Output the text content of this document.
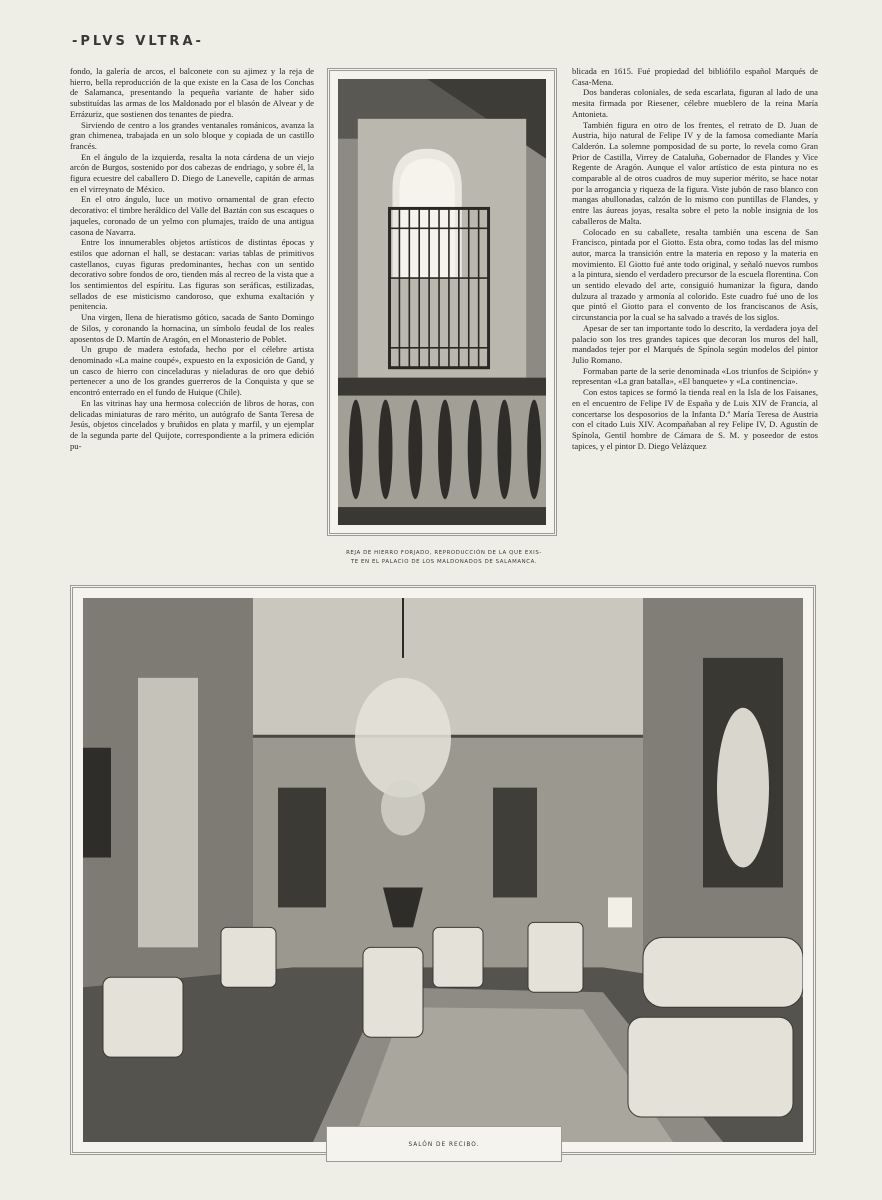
-PLVS VLTRA-

fondo, la galería de arcos, el balconete con su ajimez y la reja de hierro, bella reproducción de la que existe en la Casa de los Conchas de Salamanca, presentando la pequeña variante de haber sido substituídas las armas de los Maldonado por el blasón de Alvear y de Errázuriz, que sostienen dos tenantes de piedra.

Sirviendo de centro a los grandes ventanales románicos, avanza la gran chimenea, trabajada en un solo bloque y copiada de un castillo francés.

En el ángulo de la izquierda, resalta la nota cárdena de un viejo arcón de Burgos, sostenido por dos cabezas de endriago, y sobre él, la figura ecuestre del caballero D. Diego de Lanevelle, capitán de armas en el virreynato de México.

En el otro ángulo, luce un motivo ornamental de gran efecto decorativo: el timbre heráldico del Valle del Baztán con sus escaques o jaqueles, coronado de un yelmo con plumajes, traído de una antigua casona de Navarra.

Entre los innumerables objetos artísticos de distintas épocas y estilos que adornan el hall, se destacan: varias tablas de primitivos castellanos, cuyas figuras predominantes, hechas con un sentido decorativo sobre fondos de oro, tienden más al recreo de la vista que a los sentimientos del espíritu. Las figuras son seráficas, estilizadas, sellados de ese misticismo candoroso, que exhuma exaltación y penitencia.

Una virgen, llena de hieratismo gótico, sacada de Santo Domingo de Silos, y coronando la hornacina, un símbolo feudal de los reales aposentos de D. Martín de Aragón, en el Monasterio de Poblet.

Un grupo de madera estofada, hecho por el célebre artista denominado «La maine coupé», expuesto en la exposición de Gand, y un casco de hierro con cinceladuras y nieladuras de oro que debió pertenecer a uno de los grandes guerreros de la Conquista y que se encontró enterrado en el fundo de Huique (Chile).

En las vitrinas hay una hermosa colección de libros de horas, con delicadas miniaturas de raro mérito, un autógrafo de Santa Teresa de Jesús, objetos cincelados y bruñidos en plata y marfil, y un ejemplar de la segunda parte del Quijote, correspondiente a la primera edición pu-

REJA DE HIERRO FORJADO, REPRODUCCIÓN DE LA QUE EXIS-
TE EN EL PALACIO DE LOS MALDONADOS DE SALAMANCA.

blicada en 1615. Fué propiedad del bibliófilo español Marqués de Casa-Mena.

Dos banderas coloniales, de seda escarlata, figuran al lado de una mesita firmada por Riesener, célebre mueblero de la reina María Antonieta.

También figura en otro de los frentes, el retrato de D. Juan de Austria, hijo natural de Felipe IV y de la famosa comediante María Calderón. La solemne pomposidad de su porte, lo revela como Gran Prior de Castilla, Virrey de Cataluña, Gobernador de Flandes y Vice Regente de Aragón. Aunque el valor artístico de esta pintura no es comparable al de otros cuadros de muy superior mérito, se hace notar por la arrogancia y riqueza de la figura. Viste jubón de raso blanco con mangas abullonadas, calzón de lo mismo con puntillas de Flandes, y entre las áureas joyas, resalta sobre el peto la noble insignia de los caballeros de Malta.

Colocado en su caballete, resalta también una escena de San Francisco, pintada por el Giotto. Esta obra, como todas las del mismo autor, marca la transición entre la materia en reposo y la materia en movimiento. El Giotto fué ante todo original, y señaló nuevos rumbos a la pintura, siendo el verdadero precursor de la escuela florentina. Con un sentido elevado del arte, consiguió humanizar la figura, dando dulzura al trazado y armonía al colorido. Este cuadro fué uno de los que pintó el Giotto para el convento de los franciscanos de Asís, circunstancia por la cual se ha salvado a través de los siglos.

Apesar de ser tan importante todo lo descrito, la verdadera joya del palacio son los tres grandes tapices que decoran los muros del hall, mandados tejer por el Marqués de Spínola según modelos del pintor Julio Romano.

Formaban parte de la serie denominada «Los triunfos de Scipión» y representan «La gran batalla», «El banquete» y «La continencia».

Con estos tapices se formó la tienda real en la Isla de los Faisanes, en el encuentro de Felipe IV de España y de Luis XIV de Francia, al concertarse los desposorios de la Infanta D.ª María Teresa de Austria con el citado Luis XIV. Acompañaban al rey Felipe IV, D. Agustín de Spínola, Gentil hombre de Cámara de S. M. y poseedor de estos tapices, y el pintor D. Diego Velázquez

SALÓN DE RECIBO.
